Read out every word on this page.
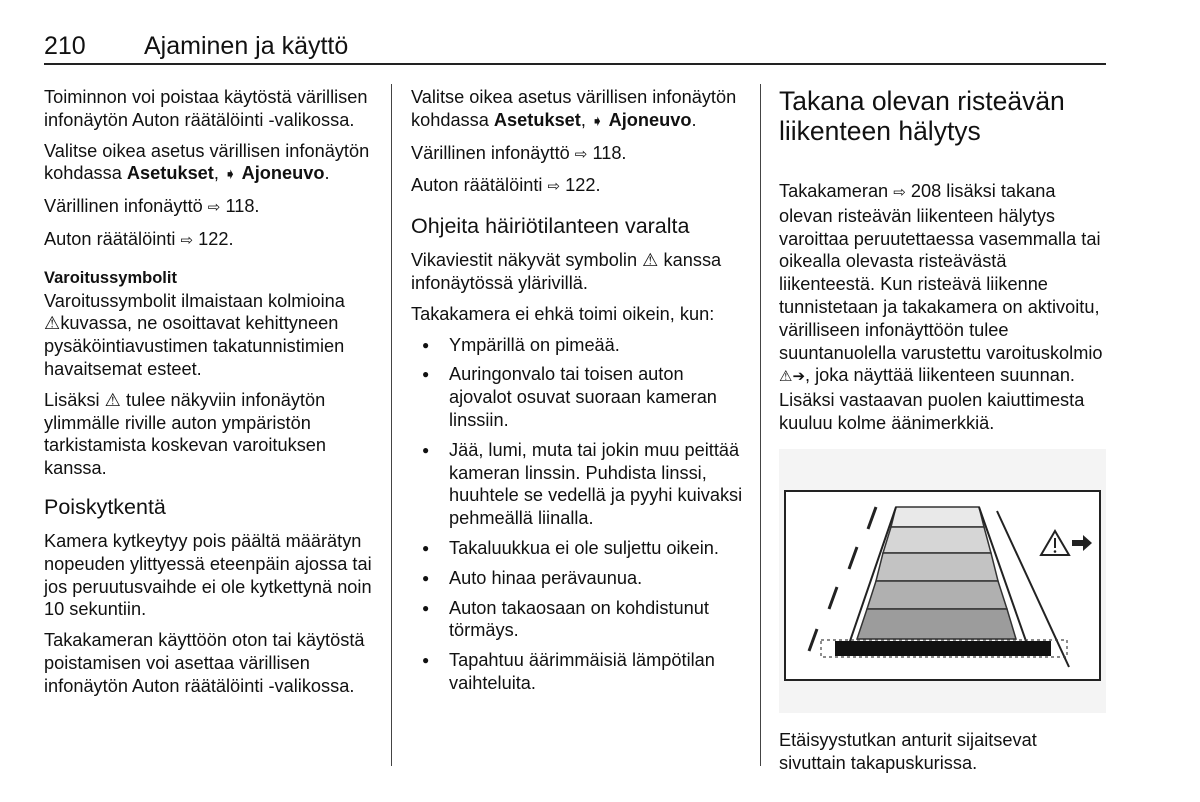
210 Ajaminen ja käyttö

Toiminnon voi poistaa käytöstä värillisen infonäytön Auton räätälöinti -valikossa.

Valitse oikea asetus värillisen infonäytön kohdassa Asetukset, ➧ Ajoneuvo.

Värillinen infonäyttö ⇨ 118.

Auton räätälöinti ⇨ 122.

Varoitussymbolit

Varoitussymbolit ilmaistaan kolmioina ⚠kuvassa, ne osoittavat kehittyneen pysäköintiavustimen takatunnistimien havaitsemat esteet.

Lisäksi ⚠ tulee näkyviin infonäytön ylimmälle riville auton ympäristön tarkistamista koskevan varoituksen kanssa.

Poiskytkentä

Kamera kytkeytyy pois päältä määrätyn nopeuden ylittyessä eteenpäin ajossa tai jos peruutusvaihde ei ole kytkettynä noin 10 sekuntiin.

Takakameran käyttöön oton tai käytöstä poistamisen voi asettaa värillisen infonäytön Auton räätälöinti -valikossa.

Valitse oikea asetus värillisen infonäytön kohdassa Asetukset, ➧ Ajoneuvo.

Värillinen infonäyttö ⇨ 118.

Auton räätälöinti ⇨ 122.

Ohjeita häiriötilanteen varalta

Vikaviestit näkyvät symbolin ⚠ kanssa infonäytössä ylärivillä.

Takakamera ei ehkä toimi oikein, kun:

● Ympärillä on pimeää.
● Auringonvalo tai toisen auton ajovalot osuvat suoraan kameran linssiin.
● Jää, lumi, muta tai jokin muu peittää kameran linssin. Puhdista linssi, huuhtele se vedellä ja pyyhi kuivaksi pehmeällä liinalla.
● Takaluukkua ei ole suljettu oikein.
● Auto hinaa perävaunua.
● Auton takaosaan on kohdistunut törmäys.
● Tapahtuu äärimmäisiä lämpötilan vaihteluita.
Takana olevan risteävän liikenteen hälytys

Takakameran ⇨ 208 lisäksi takana olevan risteävän liikenteen hälytys varoittaa peruutettaessa vasemmalla tai oikealla olevasta risteävästä liikenteestä. Kun risteävä liikenne tunnistetaan ja takakamera on aktivoitu, värilliseen infonäyttöön tulee suuntanuolella varustettu varoituskolmio ⚠➔, joka näyttää liikenteen suunnan. Lisäksi vastaavan puolen kaiuttimesta kuuluu kolme äänimerkkiä.

Etäisyystutkan anturit sijaitsevat sivuttain takapuskurissa.
